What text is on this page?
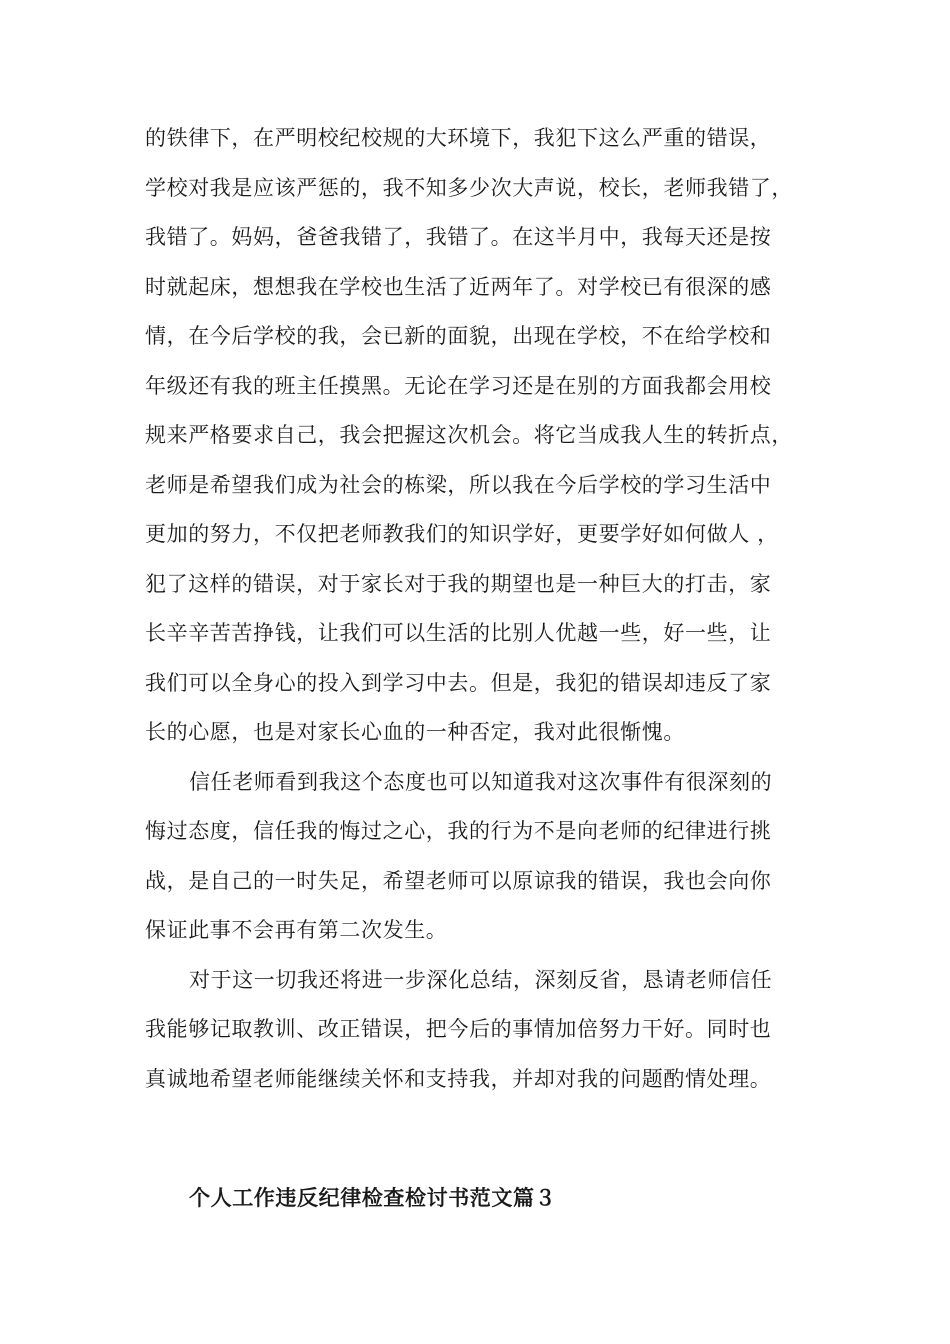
的铁律下，在严明校纪校规的大环境下，我犯下这么严重的错误，

学校对我是应该严惩的，我不知多少次大声说，校长，老师我错了，

我错了。妈妈，爸爸我错了，我错了。在这半月中，我每天还是按

时就起床，想想我在学校也生活了近两年了。对学校已有很深的感

情，在今后学校的我，会已新的面貌，出现在学校，不在给学校和

年级还有我的班主任摸黑。无论在学习还是在别的方面我都会用校

规来严格要求自己，我会把握这次机会。将它当成我人生的转折点，

老师是希望我们成为社会的栋梁，所以我在今后学校的学习生活中

更加的努力，不仅把老师教我们的知识学好，更要学好如何做人 ，

犯了这样的错误，对于家长对于我的期望也是一种巨大的打击，家

长辛辛苦苦挣钱，让我们可以生活的比别人优越一些，好一些，让

我们可以全身心的投入到学习中去。但是，我犯的错误却违反了家

长的心愿，也是对家长心血的一种否定，我对此很惭愧。

信任老师看到我这个态度也可以知道我对这次事件有很深刻的

悔过态度，信任我的悔过之心，我的行为不是向老师的纪律进行挑

战，是自己的一时失足，希望老师可以原谅我的错误，我也会向你

保证此事不会再有第二次发生。

对于这一切我还将进一步深化总结，深刻反省，恳请老师信任

我能够记取教训、改正错误，把今后的事情加倍努力干好。同时也

真诚地希望老师能继续关怀和支持我，并却对我的问题酌情处理。

个人工作违反纪律检查检讨书范文篇３
